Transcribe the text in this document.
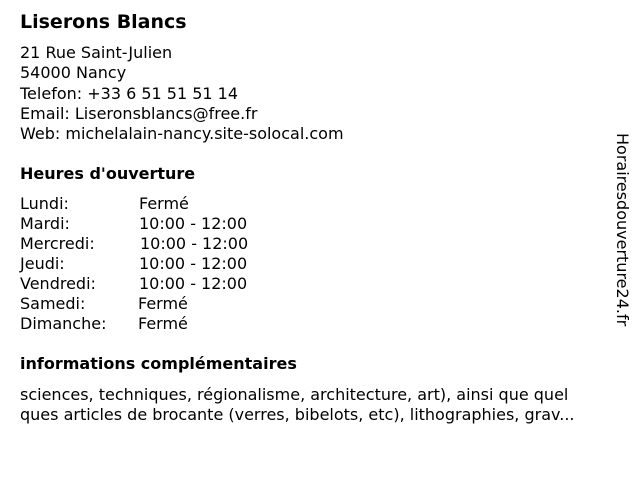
Liserons Blancs
21 Rue Saint-Julien
54000 Nancy
Telefon: +33 6 51 51 51 14
Email: Liseronsblancs@free.fr
Web: michelalain-nancy.site-solocal.com
Heures d'ouverture
Lundi:	Fermé
Mardi:	10:00 - 12:00
Mercredi:	10:00 - 12:00
Jeudi:	10:00 - 12:00
Vendredi:	10:00 - 12:00
Samedi:	Fermé
Dimanche: Fermé
informations complémentaires
sciences, techniques, régionalisme, architecture, art), ainsi que quel
ques articles de brocante (verres, bibelots, etc), lithographies, grav...
Horairesdouverture24.fr
